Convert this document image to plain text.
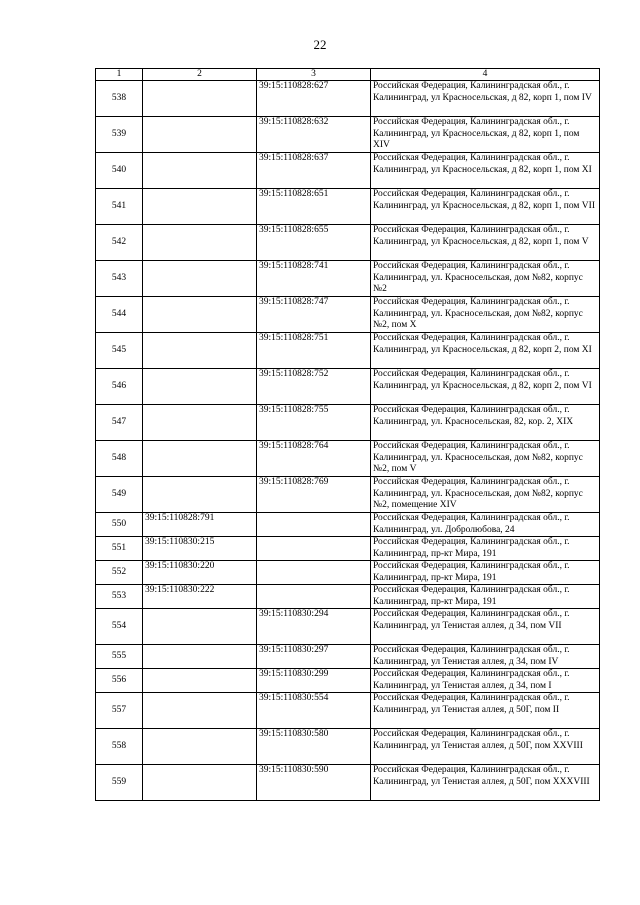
22
1	2	3	4
538		39:15:110828:627	Российская Федерация, Калининградская обл., г. Калининград, ул Красносельская, д 82, корп 1, пом IV
539		39:15:110828:632	Российская Федерация, Калининградская обл., г. Калининград, ул Красносельская, д 82, корп 1, пом XIV
540		39:15:110828:637	Российская Федерация, Калининградская обл., г. Калининград, ул Красносельская, д 82, корп 1, пом XI
541		39:15:110828:651	Российская Федерация, Калининградская обл., г. Калининград, ул Красносельская, д 82, корп 1, пом VII
542		39:15:110828:655	Российская Федерация, Калининградская обл., г. Калининград, ул Красносельская, д 82, корп 1, пом V
543		39:15:110828:741	Российская Федерация, Калининградская обл., г. Калининград, ул. Красносельская, дом №82, корпус №2
544		39:15:110828:747	Российская Федерация, Калининградская обл., г. Калининград, ул. Красносельская, дом №82, корпус №2, пом X
545		39:15:110828:751	Российская Федерация, Калининградская обл., г. Калининград, ул Красносельская, д 82, корп 2, пом XI
546		39:15:110828:752	Российская Федерация, Калининградская обл., г. Калининград, ул Красносельская, д 82, корп 2, пом VI
547		39:15:110828:755	Российская Федерация, Калининградская обл., г. Калининград, ул. Красносельская, 82, кор. 2, XIX
548		39:15:110828:764	Российская Федерация, Калининградская обл., г. Калининград, ул. Красносельская, дом №82, корпус №2, пом V
549		39:15:110828:769	Российская Федерация, Калининградская обл., г. Калининград, ул. Красносельская, дом №82, корпус №2, помещение XIV
550	39:15:110828:791		Российская Федерация, Калининградская обл., г. Калининград, ул. Добролюбова, 24
551	39:15:110830:215		Российская Федерация, Калининградская обл., г. Калининград, пр-кт Мира, 191
552	39:15:110830:220		Российская Федерация, Калининградская обл., г. Калининград, пр-кт Мира, 191
553	39:15:110830:222		Российская Федерация, Калининградская обл., г. Калининград, пр-кт Мира, 191
554		39:15:110830:294	Российская Федерация, Калининградская обл., г. Калининград, ул Тенистая аллея, д 34, пом VII
555		39:15:110830:297	Российская Федерация, Калининградская обл., г. Калининград, ул Тенистая аллея, д 34, пом IV
556		39:15:110830:299	Российская Федерация, Калининградская обл., г. Калининград, ул Тенистая аллея, д 34, пом I
557		39:15:110830:554	Российская Федерация, Калининградская обл., г. Калининград, ул Тенистая аллея, д 50Г, пом II
558		39:15:110830:580	Российская Федерация, Калининградская обл., г. Калининград, ул Тенистая аллея, д 50Г, пом XXVIII
559		39:15:110830:590	Российская Федерация, Калининградская обл., г. Калининград, ул Тенистая аллея, д 50Г, пом XXXVIII
